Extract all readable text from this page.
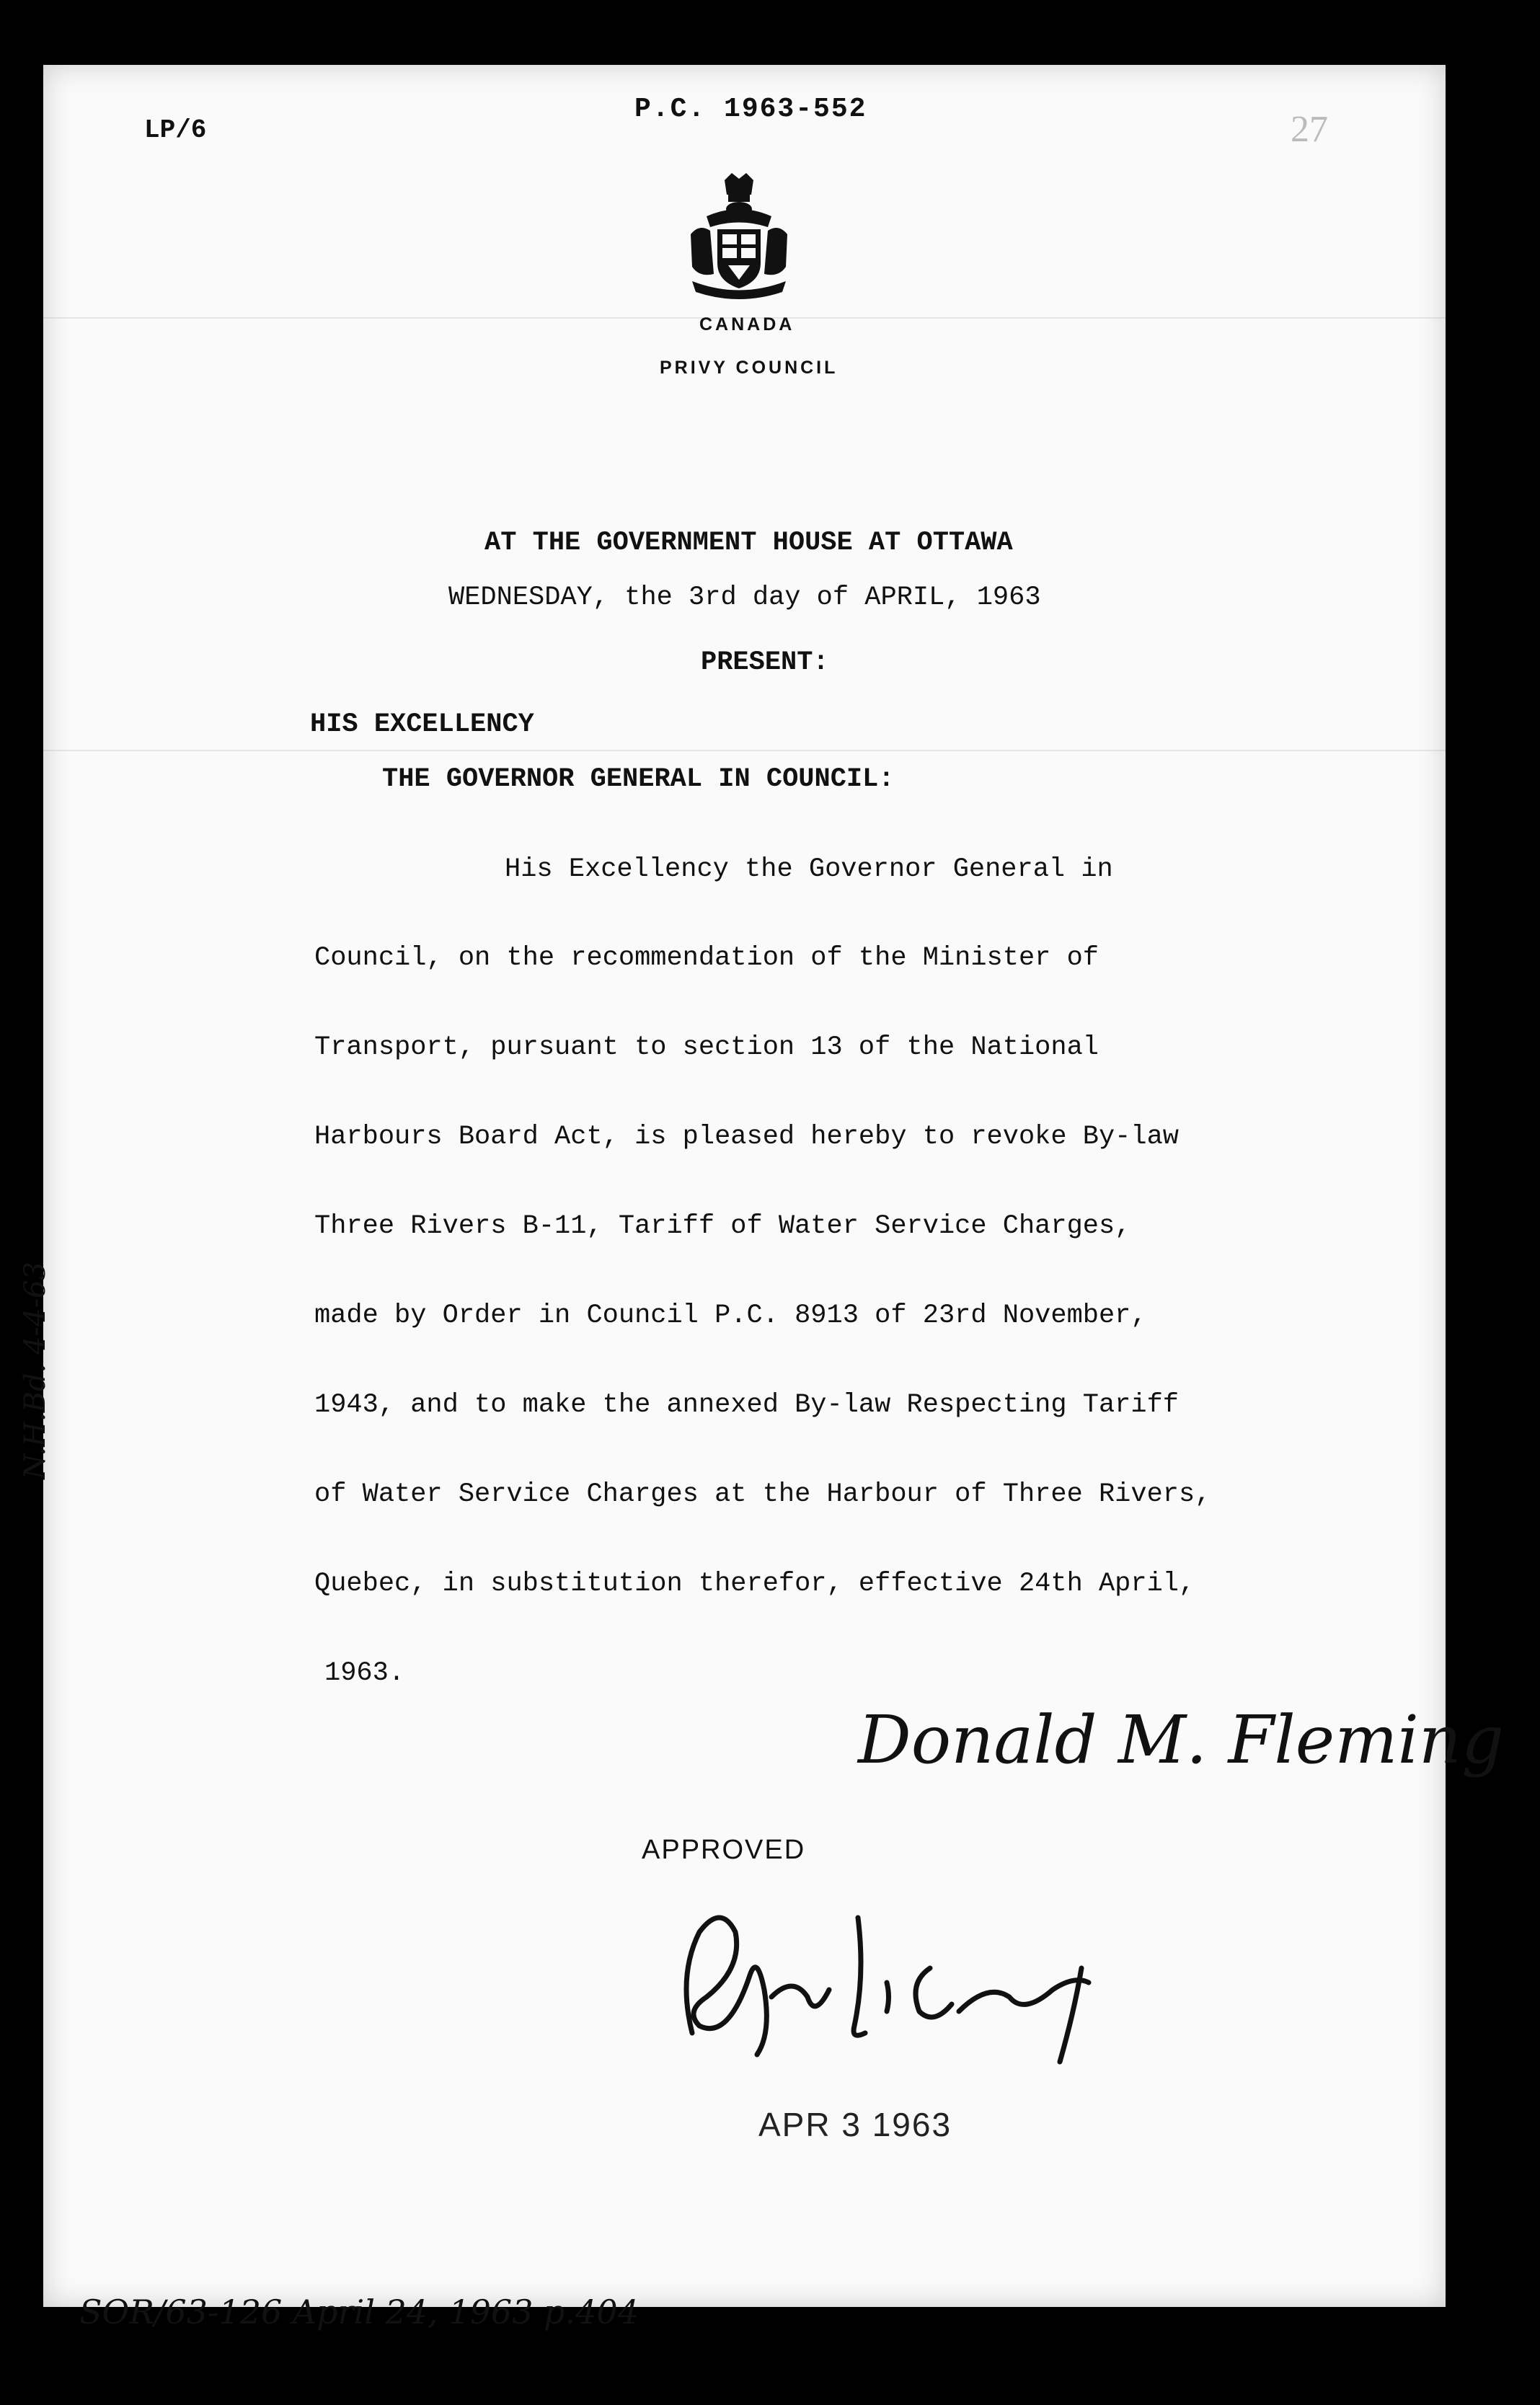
LP/6
P.C. 1963-552	27
CANADA
PRIVY COUNCIL
AT THE GOVERNMENT HOUSE AT OTTAWA
WEDNESDAY, the 3rd day of APRIL, 1963
PRESENT:
HIS EXCELLENCY
THE GOVERNOR GENERAL IN COUNCIL:
His Excellency the Governor General in
Council, on the recommendation of the Minister of
Transport, pursuant to section 13 of the National
Harbours Board Act, is pleased hereby to revoke By-law
Three Rivers B-11, Tariff of Water Service Charges,
made by Order in Council P.C. 8913 of 23rd November,
1943, and to make the annexed By-law Respecting Tariff
of Water Service Charges at the Harbour of Three Rivers,
Quebec, in substitution therefor, effective 24th April,
1963.
N.H.Bd. 4-4-63
Donald M. Fleming
APPROVED
APR 3 1963
SOR/63-126 April 24, 1963 p.404
